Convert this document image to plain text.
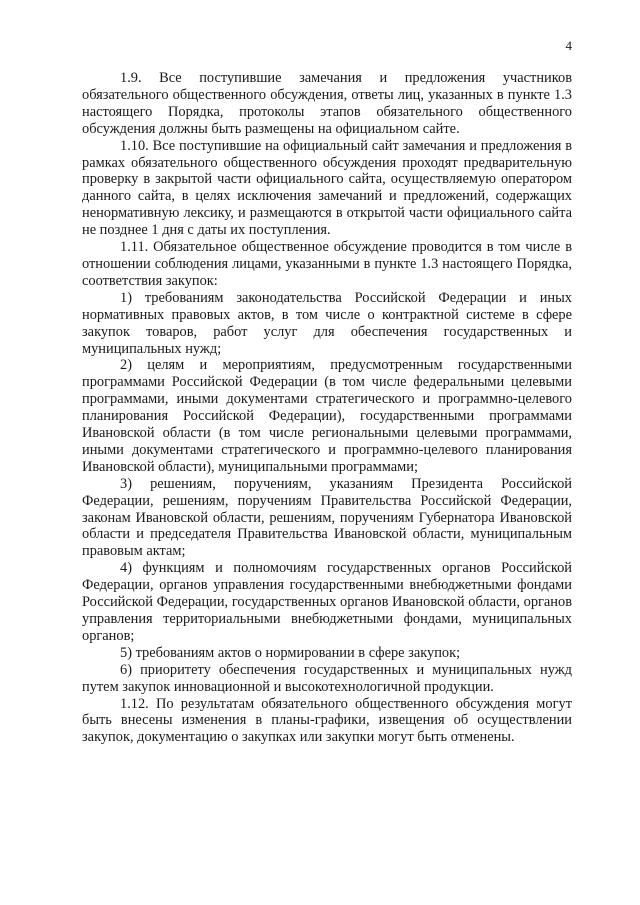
4

1.9. Все поступившие замечания и предложения участников обязательного общественного обсуждения, ответы лиц, указанных в пункте 1.3 настоящего Порядка, протоколы этапов обязательного общественного обсуждения должны быть размещены на официальном сайте.

1.10. Все поступившие на официальный сайт замечания и предложения в рамках обязательного общественного обсуждения проходят предварительную проверку в закрытой части официального сайта, осуществляемую оператором данного сайта, в целях исключения замечаний и предложений, содержащих ненормативную лексику, и размещаются в открытой части официального сайта не позднее 1 дня с даты их поступления.

1.11. Обязательное общественное обсуждение проводится в том числе в отношении соблюдения лицами, указанными в пункте 1.3 настоящего Порядка, соответствия закупок:

1) требованиям законодательства Российской Федерации и иных нормативных правовых актов, в том числе о контрактной системе в сфере закупок товаров, работ услуг для обеспечения государственных и муниципальных нужд;

2) целям и мероприятиям, предусмотренным государственными программами Российской Федерации (в том числе федеральными целевыми программами, иными документами стратегического и программно-целевого планирования Российской Федерации), государственными программами Ивановской области (в том числе региональными целевыми программами, иными документами стратегического и программно-целевого планирования Ивановской области), муниципальными программами;

3) решениям, поручениям, указаниям Президента Российской Федерации, решениям, поручениям Правительства Российской Федерации, законам Ивановской области, решениям, поручениям Губернатора Ивановской области и председателя Правительства Ивановской области, муниципальным правовым актам;

4) функциям и полномочиям государственных органов Российской Федерации, органов управления государственными внебюджетными фондами Российской Федерации, государственных органов Ивановской области, органов управления территориальными внебюджетными фондами, муниципальных органов;

5) требованиям актов о нормировании в сфере закупок;

6) приоритету обеспечения государственных и муниципальных нужд путем закупок инновационной и высокотехнологичной продукции.

1.12. По результатам обязательного общественного обсуждения могут быть внесены изменения в планы-графики, извещения об осуществлении закупок, документацию о закупках или закупки могут быть отменены.
